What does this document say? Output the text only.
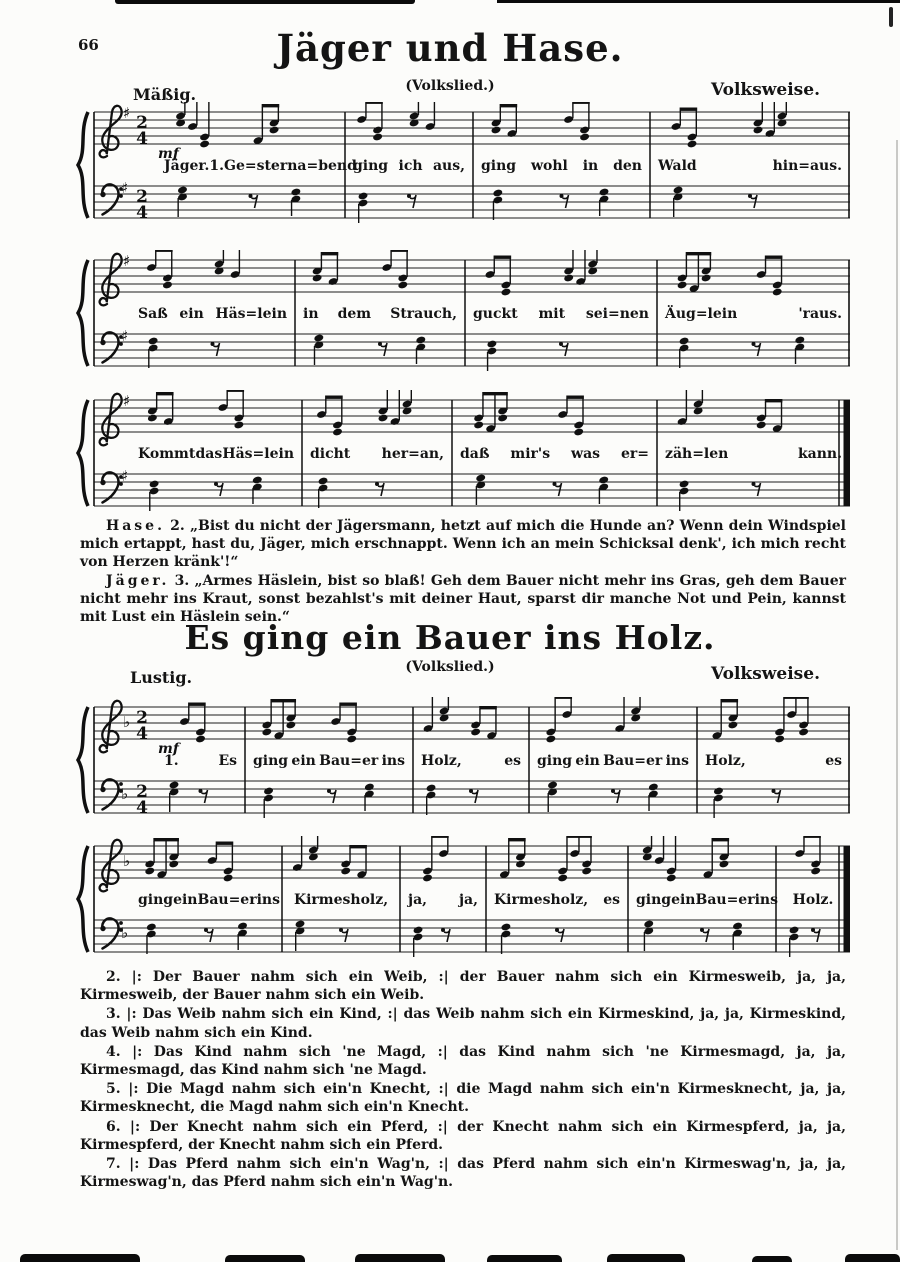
66	Jäger und Hase.
(Volkslied.)
Mäßig.	Volksweise.
♯
♯
2
4
2
4
mf
Jäger. 1. Ge=stern a=bend
ging ich aus, ging wohl in den Wald	hin=aus.
♯
♯
Saß ein Häs=lein in dem Strauch, guckt mit sei=nen Äug=lein	'raus.
♯
♯
Kommt das Häs=lein dicht her=an, daß mir's was er= zäh=len	kann.
♭
♭
2
4
2
4
mf
1.	Es ging ein Bau=er ins Holz,	es ging ein Bau=er ins Holz,	es
♭
♭
ging ein Bau=er ins Kirmesholz, ja, ja, Kirmesholz, es ging ein Bau=er ins Holz.

Hase. 2. „Bist du nicht der Jägersmann, hetzt auf mich die Hunde an? Wenn dein Windspiel mich ertappt, hast du, Jäger, mich erschnappt. Wenn ich an mein Schicksal denk', ich mich recht von Herzen kränk'!“

Jäger. 3. „Armes Häslein, bist so blaß! Geh dem Bauer nicht mehr ins Gras, geh dem Bauer nicht mehr ins Kraut, sonst bezahlst's mit deiner Haut, sparst dir manche Not und Pein, kannst mit Lust ein Häslein sein.“

Es ging ein Bauer ins Holz.
(Volkslied.)
Lustig.	Volksweise.

2. |: Der Bauer nahm sich ein Weib, :| der Bauer nahm sich ein Kirmesweib, ja, ja, Kirmesweib, der Bauer nahm sich ein Weib.

3. |: Das Weib nahm sich ein Kind, :| das Weib nahm sich ein Kirmeskind, ja, ja, Kirmeskind, das Weib nahm sich ein Kind.

4. |: Das Kind nahm sich 'ne Magd, :| das Kind nahm sich 'ne Kirmesmagd, ja, ja, Kirmesmagd, das Kind nahm sich 'ne Magd.

5. |: Die Magd nahm sich ein'n Knecht, :| die Magd nahm sich ein'n Kirmesknecht, ja, ja, Kirmesknecht, die Magd nahm sich ein'n Knecht.

6. |: Der Knecht nahm sich ein Pferd, :| der Knecht nahm sich ein Kirmespferd, ja, ja, Kirmespferd, der Knecht nahm sich ein Pferd.

7. |: Das Pferd nahm sich ein'n Wag'n, :| das Pferd nahm sich ein'n Kirmeswag'n, ja, ja, Kirmeswag'n, das Pferd nahm sich ein'n Wag'n.
